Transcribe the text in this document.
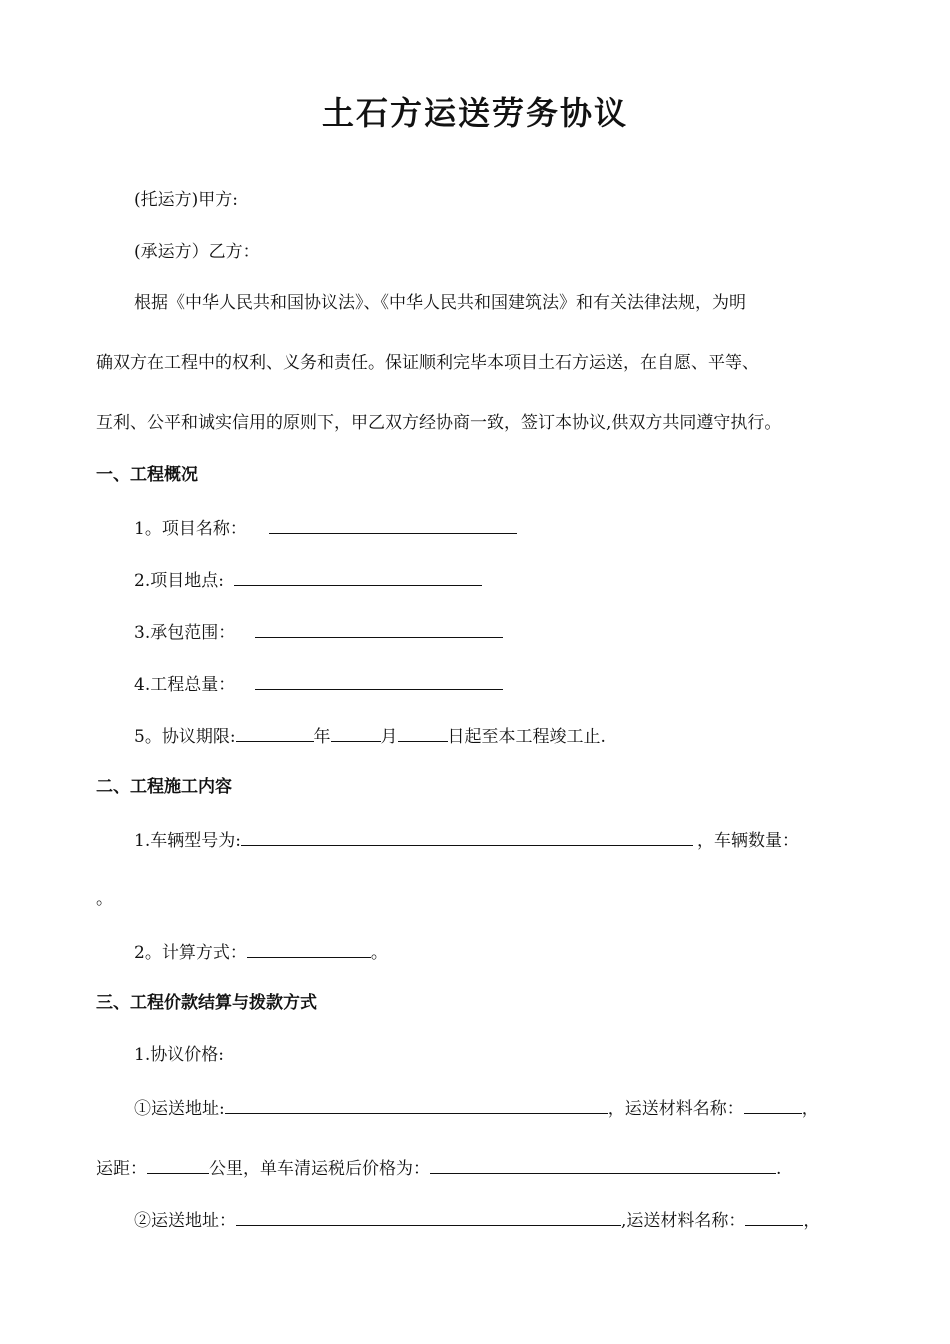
土石方运送劳务协议
(托运方)甲方:
(承运方）乙方：
根据《中华人民共和国协议法》、《中华人民共和国建筑法》和有关法律法规，为明
确双方在工程中的权利、义务和责任。保证顺利完毕本项目土石方运送，在自愿、平等、
互利、公平和诚实信用的原则下，甲乙双方经协商一致，签订本协议,供双方共同遵守执行。
一、工程概况
1。项目名称：
2.项目地点:
3.承包范围：
4.工程总量：
5。协议期限:	年	月	日起至本工程竣工止.
二、工程施工内容
1.车辆型号为:	，车辆数量：
。
2。计算方式：	。
三、工程价款结算与拨款方式
1.协议价格:
①运送地址:	，运送材料名称：	，
运距：	公里，单车清运税后价格为：	.
②运送地址：	,运送材料名称：	，
